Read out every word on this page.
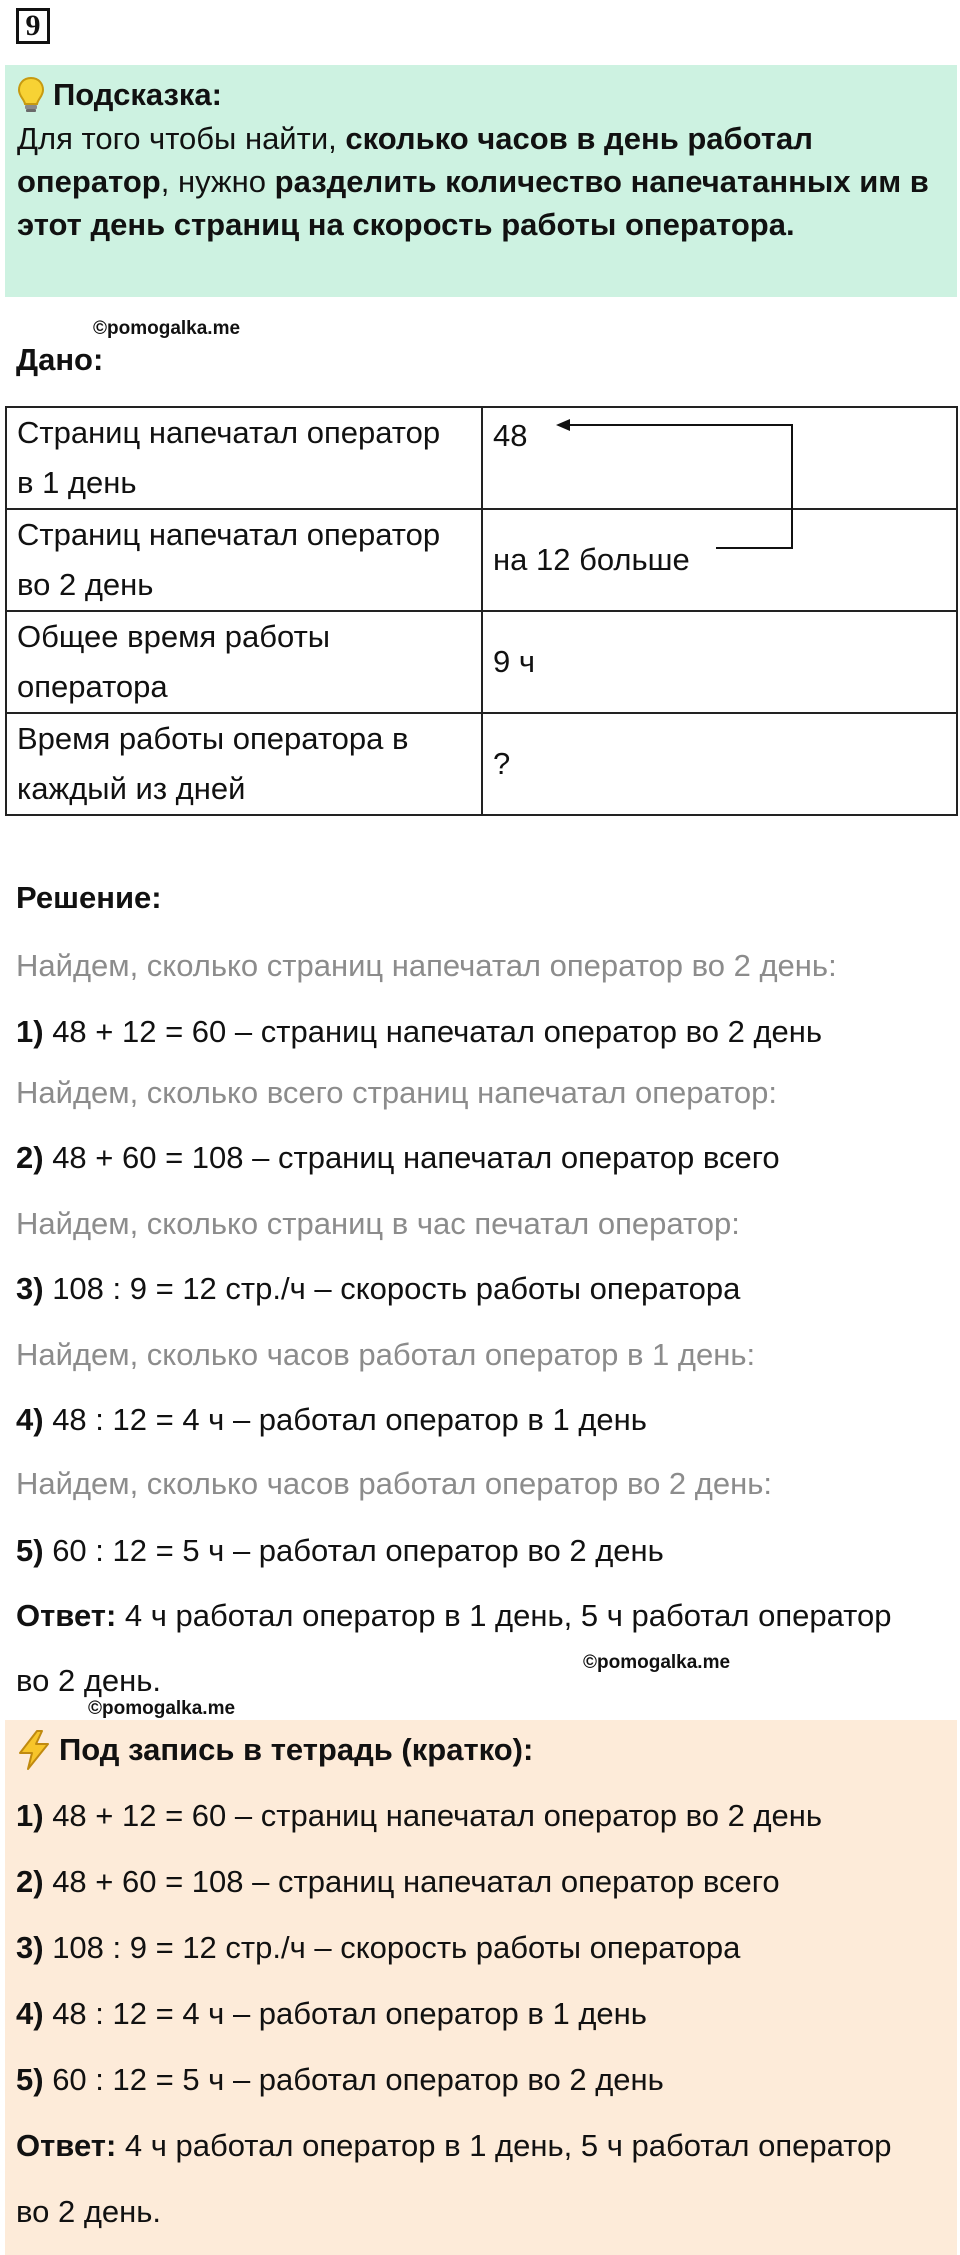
9
Подсказка:
Для того чтобы найти, сколько часов в день работал
оператор, нужно разделить количество напечатанных им в
этот день страниц на скорость работы оператора.
©pomogalka.me
Дано:
Страниц напечатал оператор
в 1 день	48
Страниц напечатал оператор
во 2 день	на 12 больше
Общее время работы
оператора	9 ч
Время работы оператора в
каждый из дней	?
Решение:
Найдем, сколько страниц напечатал оператор во 2 день:
1) 48 + 12 = 60 – страниц напечатал оператор во 2 день
Найдем, сколько всего страниц напечатал оператор:
2) 48 + 60 = 108 – страниц напечатал оператор всего
Найдем, сколько страниц в час печатал оператор:
3) 108 : 9 = 12 стр./ч – скорость работы оператора
Найдем, сколько часов работал оператор в 1 день:
4) 48 : 12 = 4 ч – работал оператор в 1 день
Найдем, сколько часов работал оператор во 2 день:
5) 60 : 12 = 5 ч – работал оператор во 2 день
Ответ: 4 ч работал оператор в 1 день, 5 ч работал оператор
во 2 день.
©pomogalka.me
©pomogalka.me
Под запись в тетрадь (кратко):
1) 48 + 12 = 60 – страниц напечатал оператор во 2 день
2) 48 + 60 = 108 – страниц напечатал оператор всего
3) 108 : 9 = 12 стр./ч – скорость работы оператора
4) 48 : 12 = 4 ч – работал оператор в 1 день
5) 60 : 12 = 5 ч – работал оператор во 2 день
Ответ: 4 ч работал оператор в 1 день, 5 ч работал оператор
во 2 день.
